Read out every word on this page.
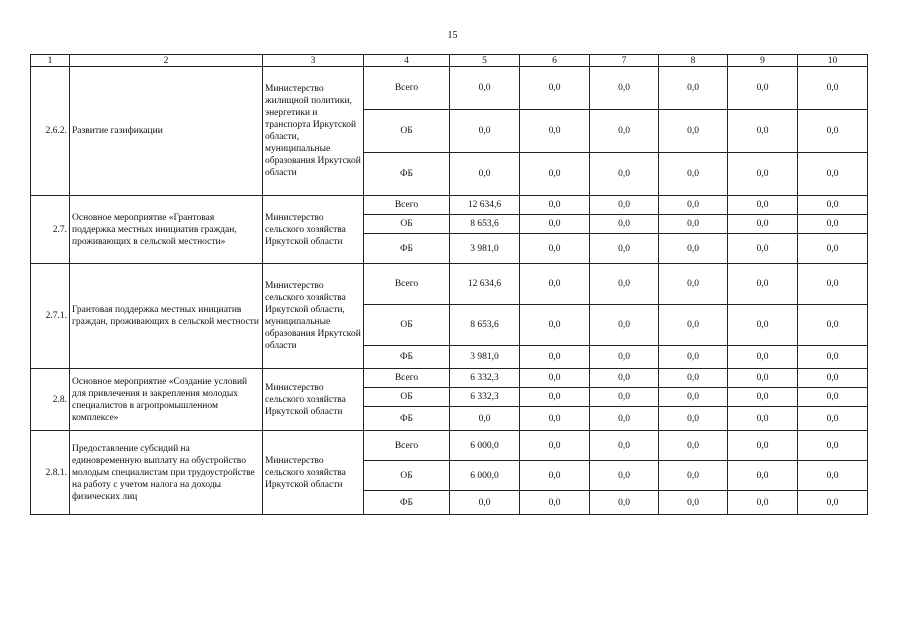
15
1	2	3	4	5	6	7	8	9	10
2.6.2.	Развитие газификации	Министерство жилищной политики, энергетики и транспорта Иркутской области, муниципальные образования Иркутской области	Всего	0,0	0,0	0,0	0,0	0,0	0,0
			ОБ	0,0	0,0	0,0	0,0	0,0	0,0
			ФБ	0,0	0,0	0,0	0,0	0,0	0,0
2.7.	Основное мероприятие «Грантовая поддержка местных инициатив граждан, проживающих в сельской местности»	Министерство сельского хозяйства Иркутской области	Всего	12 634,6	0,0	0,0	0,0	0,0	0,0
			ОБ	8 653,6	0,0	0,0	0,0	0,0	0,0
			ФБ	3 981,0	0,0	0,0	0,0	0,0	0,0
2.7.1.	Грантовая поддержка местных инициатив граждан, проживающих в сельской местности	Министерство сельского хозяйства Иркутской области, муниципальные образования Иркутской области	Всего	12 634,6	0,0	0,0	0,0	0,0	0,0
			ОБ	8 653,6	0,0	0,0	0,0	0,0	0,0
			ФБ	3 981,0	0,0	0,0	0,0	0,0	0,0
2.8.	Основное мероприятие «Создание условий для привлечения и закрепления молодых специалистов в агропромышленном комплексе»	Министерство сельского хозяйства Иркутской области	Всего	6 332,3	0,0	0,0	0,0	0,0	0,0
			ОБ	6 332,3	0,0	0,0	0,0	0,0	0,0
			ФБ	0,0	0,0	0,0	0,0	0,0	0,0
2.8.1.	Предоставление субсидий на единовременную выплату на обустройство молодым специалистам при трудоустройстве на работу с учетом налога на доходы физических лиц	Министерство сельского хозяйства Иркутской области	Всего	6 000,0	0,0	0,0	0,0	0,0	0,0
			ОБ	6 000,0	0,0	0,0	0,0	0,0	0,0
			ФБ	0,0	0,0	0,0	0,0	0,0	0,0
